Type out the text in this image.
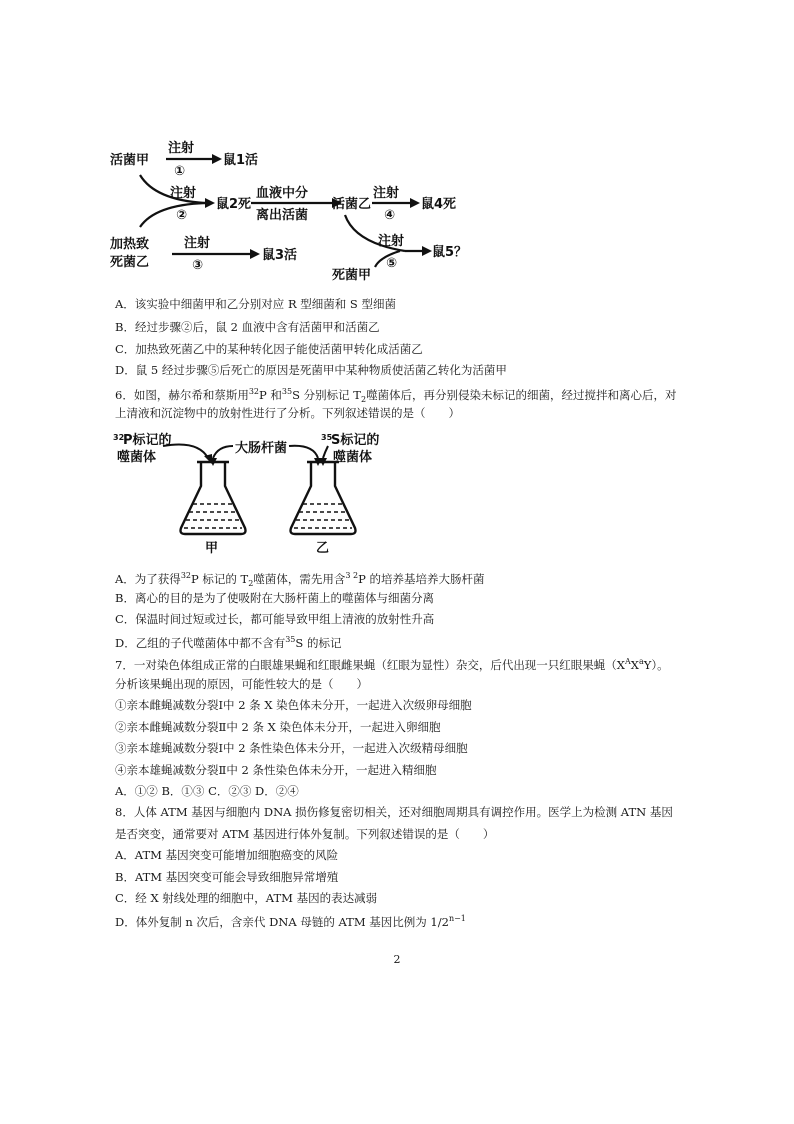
活菌甲
注射
①
鼠1活
注射
②
鼠2死
血液中分
离出活菌
活菌乙
注射
④
鼠4死
加热致
死菌乙
注射
③
鼠3活
注射
⑤
鼠5？
死菌甲
A．该实验中细菌甲和乙分别对应 R 型细菌和 S 型细菌
B．经过步骤②后，鼠 2 血液中含有活菌甲和活菌乙
C．加热致死菌乙中的某种转化因子能使活菌甲转化成活菌乙
D．鼠 5 经过步骤⑤后死亡的原因是死菌甲中某种物质使活菌乙转化为活菌甲
6．如图，赫尔希和蔡斯用$^{32}$P 和$^{35}$S 分别标记 $T_2$噬菌体后，再分别侵染未标记的细菌，经过搅拌和离心后，对
上清液和沉淀物中的放射性进行了分析。下列叙述错误的是（　　）
32
P标记的
噬菌体
大肠杆菌
35
S标记的
噬菌体
甲	乙
A．为了获得$^{32}$P 标记的 $T_2$噬菌体，需先用含$^{3 2}$P 的培养基培养大肠杆菌
B．离心的目的是为了使吸附在大肠杆菌上的噬菌体与细菌分离
C．保温时间过短或过长，都可能导致甲组上清液的放射性升高
D．乙组的子代噬菌体中都不含有$^{35}$S 的标记
7．一对染色体组成正常的白眼雄果蝇和红眼雌果蝇（红眼为显性）杂交，后代出现一只红眼果蝇$(X^AX^aY)$。
分析该果蝇出现的原因，可能性较大的是（　　）
①亲本雌蝇减数分裂Ⅰ中 2 条 X 染色体未分开，一起进入次级卵母细胞
②亲本雌蝇减数分裂Ⅱ中 2 条 X 染色体未分开，一起进入卵细胞
③亲本雄蝇减数分裂Ⅰ中 2 条性染色体未分开，一起进入次级精母细胞
④亲本雄蝇减数分裂Ⅱ中 2 条性染色体未分开，一起进入精细胞
A．①② B．①③ C．②③ D．②④
8．人体 ATM 基因与细胞内 DNA 损伤修复密切相关，还对细胞周期具有调控作用。医学上为检测 ATN 基因
是否突变，通常要对 ATM 基因进行体外复制。下列叙述错误的是（　　）
A．ATM 基因突变可能增加细胞癌变的风险
B．ATM 基因突变可能会导致细胞异常增殖
C．经 X 射线处理的细胞中，ATM 基因的表达减弱
D．体外复制 n 次后，含亲代 DNA 母链的 ATM 基因比例为 $1/2^{n-1}$
2
